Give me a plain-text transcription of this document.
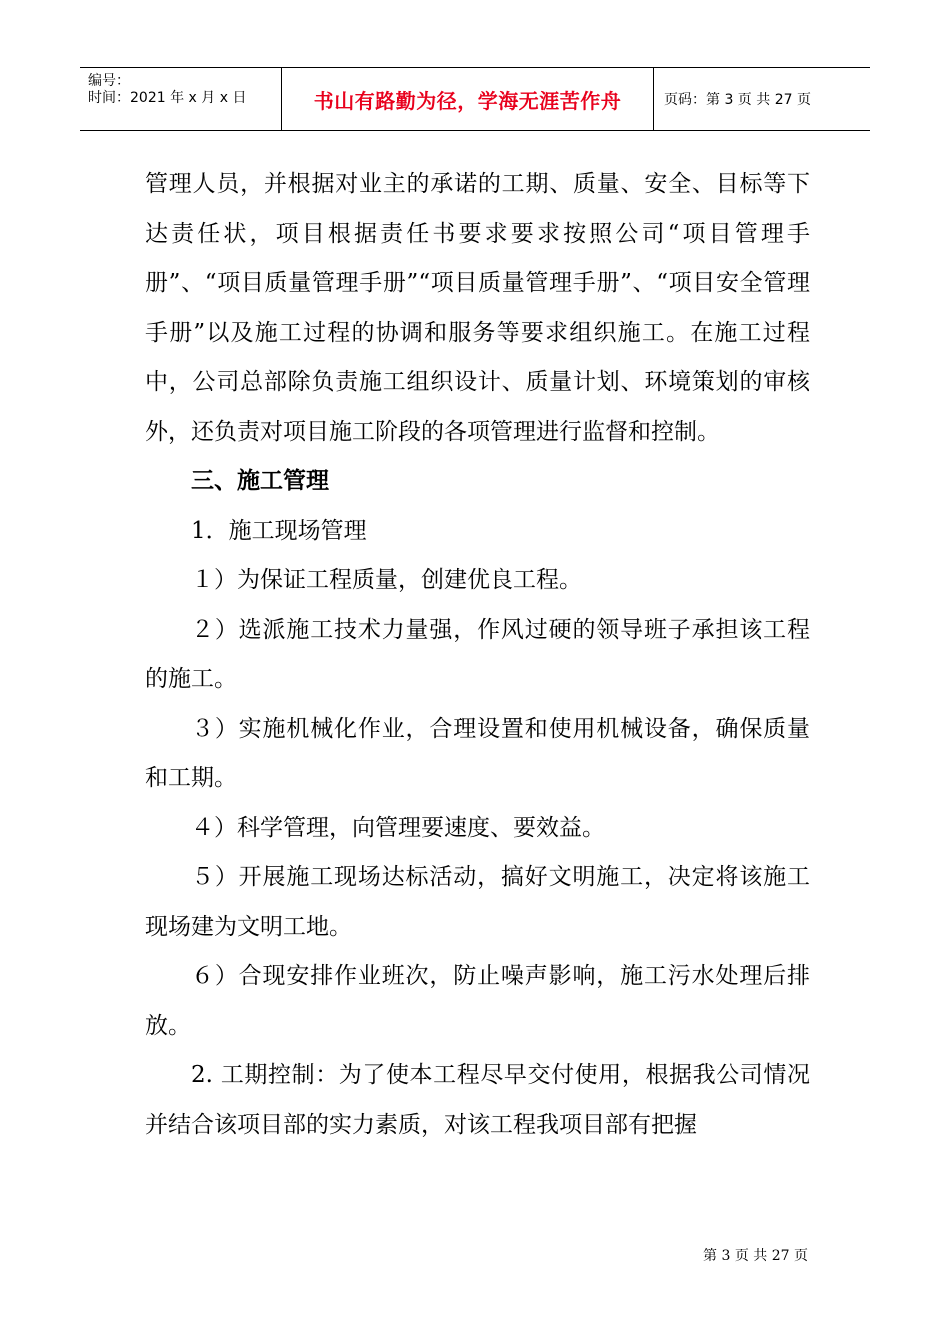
编号：
时间：2021 年 x 月 x 日	书山有路勤为径，学海无涯苦作舟	页码：第 3 页 共 27 页

管理人员，并根据对业主的承诺的工期、质量、安全、目标等下达责任状，项目根据责任书要求要求按照公司“项目管理手册”、“项目质量管理手册”“项目质量管理手册”、“项目安全管理手册”以及施工过程的协调和服务等要求组织施工。在施工过程中，公司总部除负责施工组织设计、质量计划、环境策划的审核外，还负责对项目施工阶段的各项管理进行监督和控制。

三、施工管理

1．施工现场管理

１）为保证工程质量，创建优良工程。

２）选派施工技术力量强，作风过硬的领导班子承担该工程的施工。

３）实施机械化作业，合理设置和使用机械设备，确保质量和工期。

４）科学管理，向管理要速度、要效益。

５）开展施工现场达标活动，搞好文明施工，决定将该施工现场建为文明工地。

６）合现安排作业班次，防止噪声影响，施工污水处理后排放。

2. 工期控制：为了使本工程尽早交付使用，根据我公司情况并结合该项目部的实力素质，对该工程我项目部有把握

第 3 页 共 27 页
